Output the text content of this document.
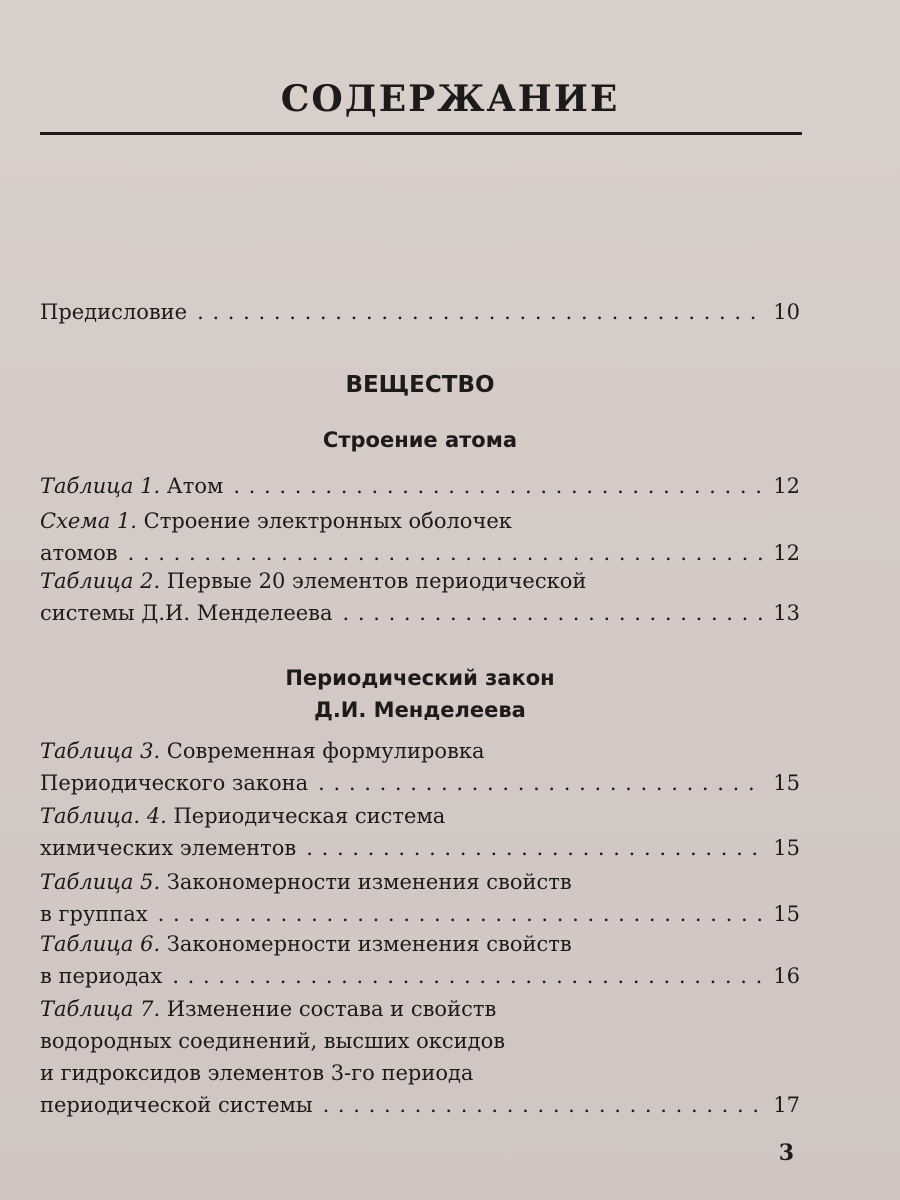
СОДЕРЖАНИЕ
Предисловие . . .	10
ВЕЩЕСТВО
Строение атома
Таблица 1. Атом . . .	12
Схема 1. Строение электронных оболочек
атомов . . .	12
Таблица 2. Первые 20 элементов периодической
системы Д.И. Менделеева . . .	13
Периодический закон
Д.И. Менделеева
Таблица 3. Современная формулировка
Периодического закона . . .	15
Таблица. 4. Периодическая система
химических элементов . . .	15
Таблица 5. Закономерности изменения свойств
в группах . . .	15
Таблица 6. Закономерности изменения свойств
в периодах . . .	16
Таблица 7. Изменение состава и свойств
водородных соединений, высших оксидов
и гидроксидов элементов 3-го периода
периодической системы . . .	17

3
